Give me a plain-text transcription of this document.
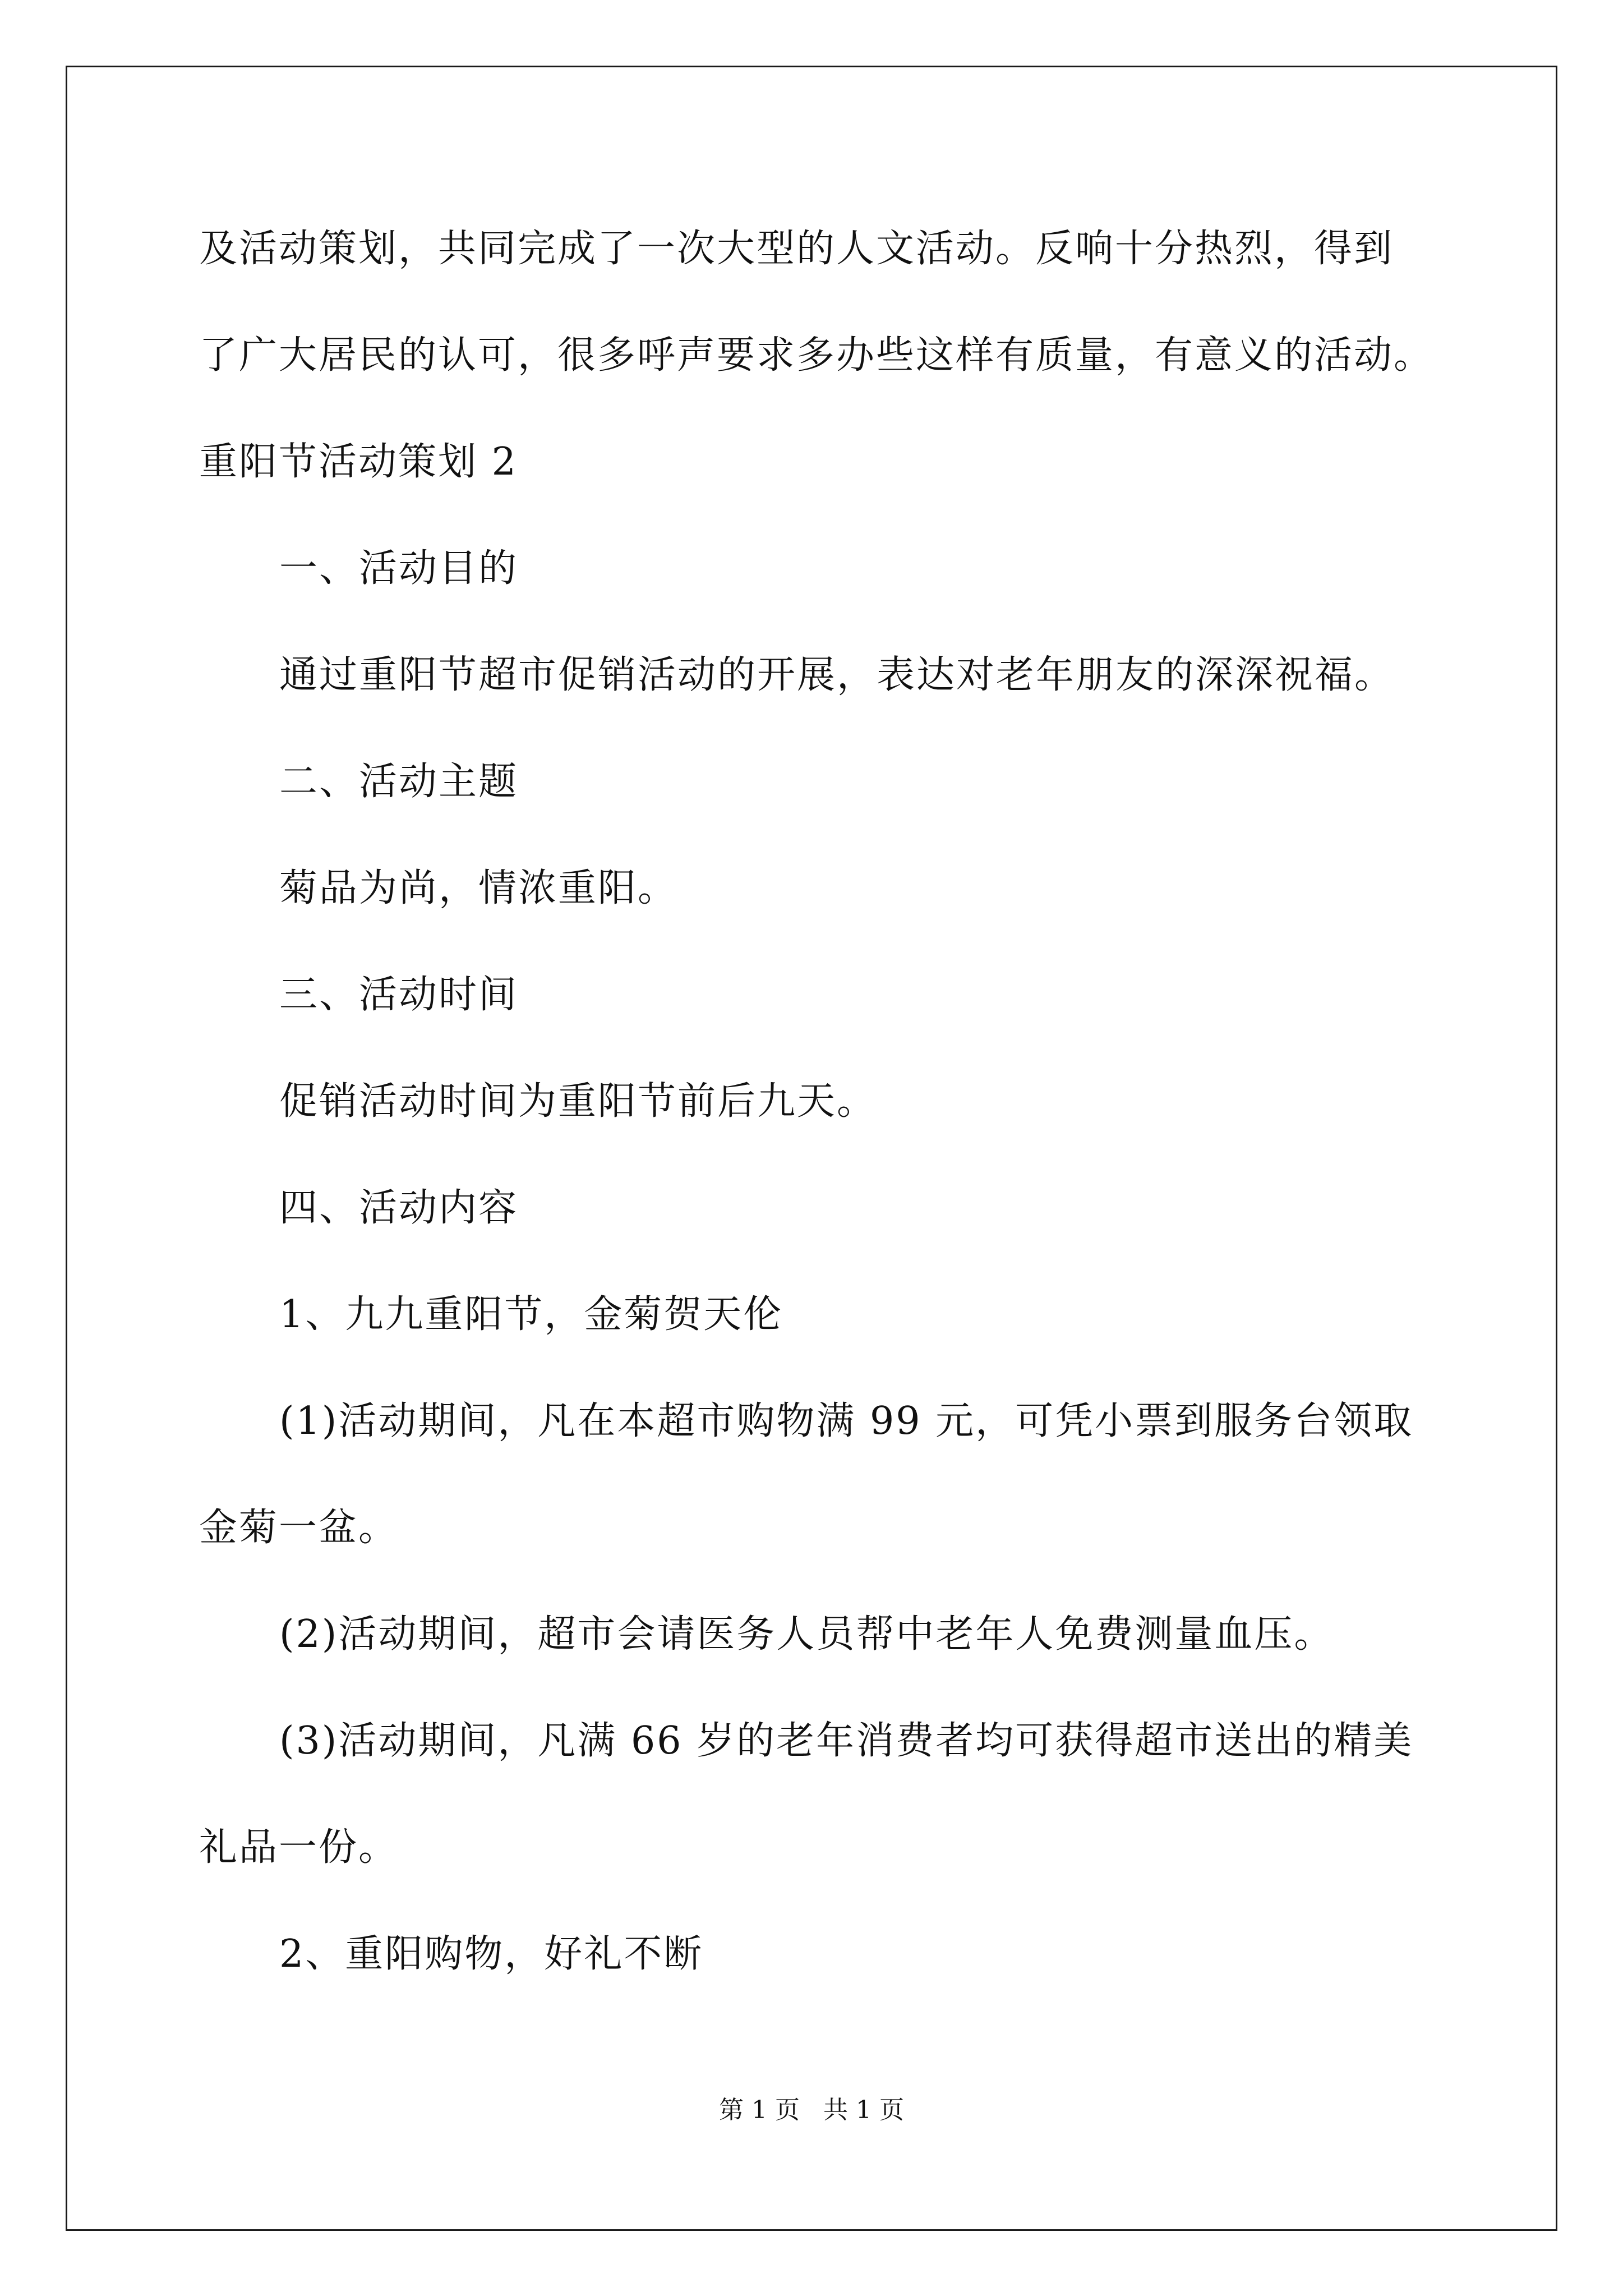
及活动策划，共同完成了一次大型的人文活动。反响十分热烈，得到
了广大居民的认可，很多呼声要求多办些这样有质量，有意义的活动。
重阳节活动策划 2
一、活动目的
通过重阳节超市促销活动的开展，表达对老年朋友的深深祝福。
二、活动主题
菊品为尚，情浓重阳。
三、活动时间
促销活动时间为重阳节前后九天。
四、活动内容
1、九九重阳节，金菊贺天伦
(1)活动期间，凡在本超市购物满 99 元，可凭小票到服务台领取
金菊一盆。
(2)活动期间，超市会请医务人员帮中老年人免费测量血压。
(3)活动期间，凡满 66 岁的老年消费者均可获得超市送出的精美
礼品一份。
2、重阳购物，好礼不断
第 1 页   共 1 页
